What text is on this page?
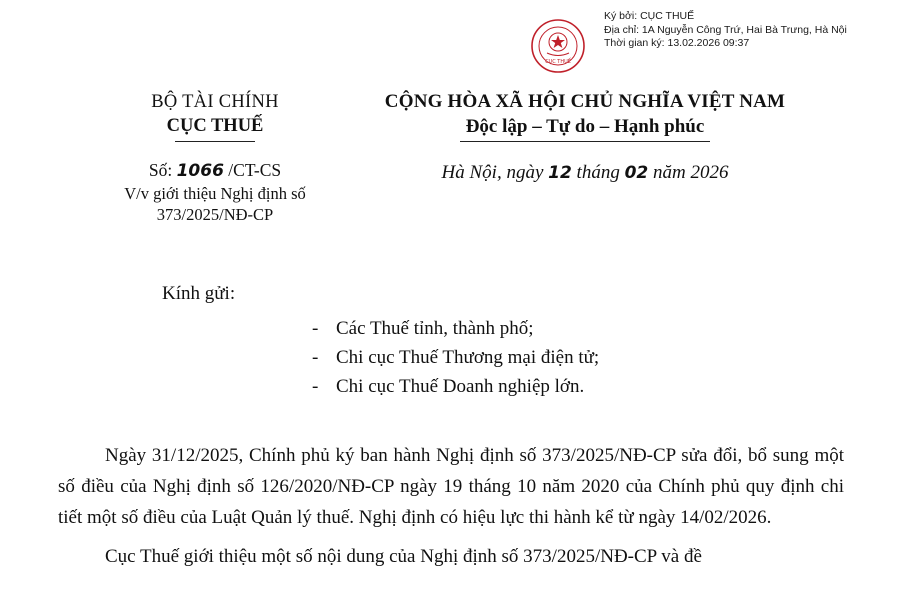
CỤC THUẾ
Ký bởi: CỤC THUẾ
Địa chỉ: 1A Nguyễn Công Trứ, Hai Bà Trưng, Hà Nội
Thời gian ký: 13.02.2026 09:37
BỘ TÀI CHÍNH
CỤC THUẾ
Số: 1066 /CT-CS
V/v giới thiệu Nghị định số
373/2025/NĐ-CP
CỘNG HÒA XÃ HỘI CHỦ NGHĨA VIỆT NAM
Độc lập – Tự do – Hạnh phúc
Hà Nội, ngày 12 tháng 02 năm 2026
Kính gửi:
- Các Thuế tỉnh, thành phố;
- Chi cục Thuế Thương mại điện tử;
- Chi cục Thuế Doanh nghiệp lớn.

Ngày 31/12/2025, Chính phủ ký ban hành Nghị định số 373/2025/NĐ-CP sửa đổi, bổ sung một số điều của Nghị định số 126/2020/NĐ-CP ngày 19 tháng 10 năm 2020 của Chính phủ quy định chi tiết một số điều của Luật Quản lý thuế. Nghị định có hiệu lực thi hành kể từ ngày 14/02/2026.

Cục Thuế giới thiệu một số nội dung của Nghị định số 373/2025/NĐ-CP và đề
